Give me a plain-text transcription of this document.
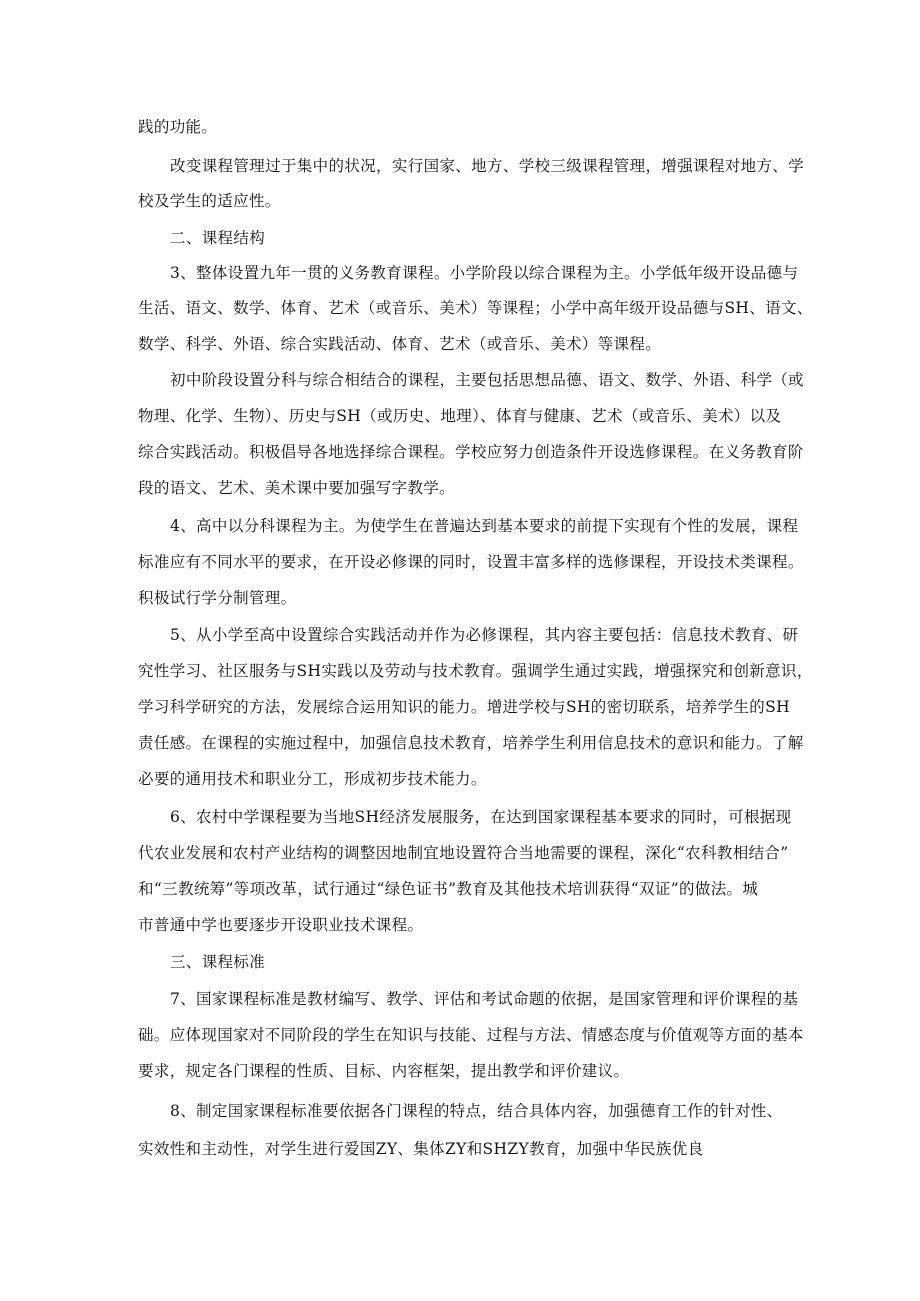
践的功能。
改变课程管理过于集中的状况，实行国家、地方、学校三级课程管理，增强课程对地方、学
校及学生的适应性。
二、课程结构
3、整体设置九年一贯的义务教育课程。小学阶段以综合课程为主。小学低年级开设品德与
生活、语文、数学、体育、艺术（或音乐、美术）等课程；小学中高年级开设品德与SH、语文、
数学、科学、外语、综合实践活动、体育、艺术（或音乐、美术）等课程。
初中阶段设置分科与综合相结合的课程，主要包括思想品德、语文、数学、外语、科学（或
物理、化学、生物）、历史与SH（或历史、地理）、体育与健康、艺术（或音乐、美术）以及
综合实践活动。积极倡导各地选择综合课程。学校应努力创造条件开设选修课程。在义务教育阶
段的语文、艺术、美术课中要加强写字教学。
4、高中以分科课程为主。为使学生在普遍达到基本要求的前提下实现有个性的发展，课程
标准应有不同水平的要求，在开设必修课的同时，设置丰富多样的选修课程，开设技术类课程。
积极试行学分制管理。
5、从小学至高中设置综合实践活动并作为必修课程，其内容主要包括：信息技术教育、研
究性学习、社区服务与SH实践以及劳动与技术教育。强调学生通过实践，增强探究和创新意识，
学习科学研究的方法，发展综合运用知识的能力。增进学校与SH的密切联系，培养学生的SH
责任感。在课程的实施过程中，加强信息技术教育，培养学生利用信息技术的意识和能力。了解
必要的通用技术和职业分工，形成初步技术能力。
6、农村中学课程要为当地SH经济发展服务，在达到国家课程基本要求的同时，可根据现
代农业发展和农村产业结构的调整因地制宜地设置符合当地需要的课程，深化“农科教相结合”
和“三教统筹”等项改革，试行通过“绿色证书”教育及其他技术培训获得“双证”的做法。城
市普通中学也要逐步开设职业技术课程。
三、课程标准
7、国家课程标准是教材编写、教学、评估和考试命题的依据，是国家管理和评价课程的基
础。应体现国家对不同阶段的学生在知识与技能、过程与方法、情感态度与价值观等方面的基本
要求，规定各门课程的性质、目标、内容框架，提出教学和评价建议。
8、制定国家课程标准要依据各门课程的特点，结合具体内容，加强德育工作的针对性、
实效性和主动性，对学生进行爱国ZY、集体ZY和SHZY教育，加强中华民族优良
